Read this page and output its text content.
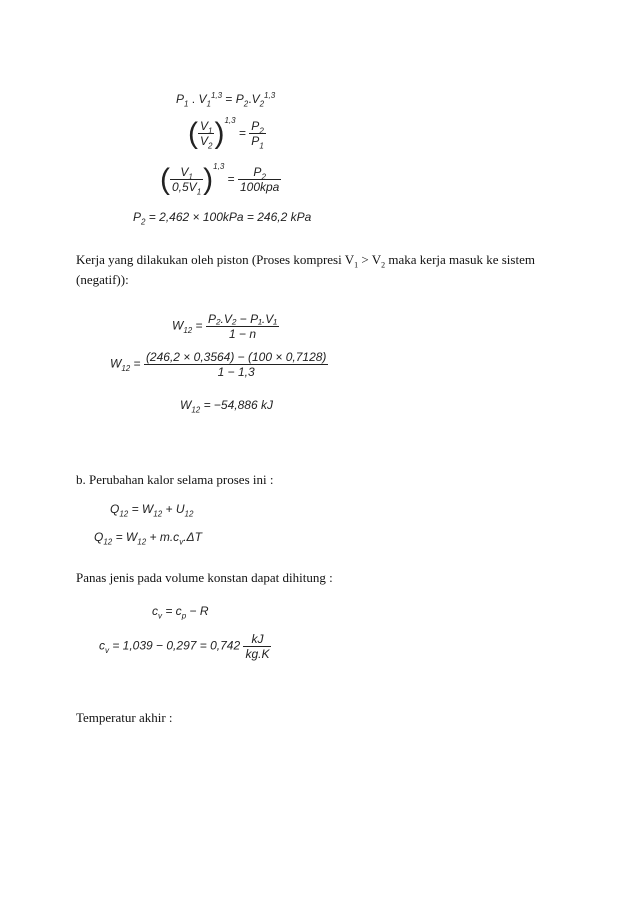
$P_1$ . $V_1^{1,3} = P_2.V_2^{1,3}$
( $\frac{V_1}{V_2} )^{1,3} = \frac{P_2}{P_1}$
( $\frac{V_1}{0,5V_1} )^{1,3} = \frac{P_2}{\text{100kpa}}$
$P_2 = 2,462 \times 100kPa = 246,2$ kPa
Kerja yang dilakukan oleh piston (Proses kompresi $V_1 > V_2$ maka kerja masuk ke sistem (negatif)):
$W_{12} = \frac{\text{P₂.V₂ − P₁.V₁}}{1 - n}$
$W_{12} = \frac{(246,2 \times 0,3564) - (100 \times 0,7128)}{1 - 1,3}$
$W_{12} = -54,886$ kJ
b. Perubahan kalor selama proses ini :
$Q_{12} = W_{12} + U_{12}$
$Q_{12} = W_{12} + m.c_v.\Delta T$
Panas jenis pada volume konstan dapat dihitung :
$c_v = c_p - R$
$c_v = 1,039 - 0,297 = 0,742 \frac{kJ}{kg.K}$
Temperatur akhir :
